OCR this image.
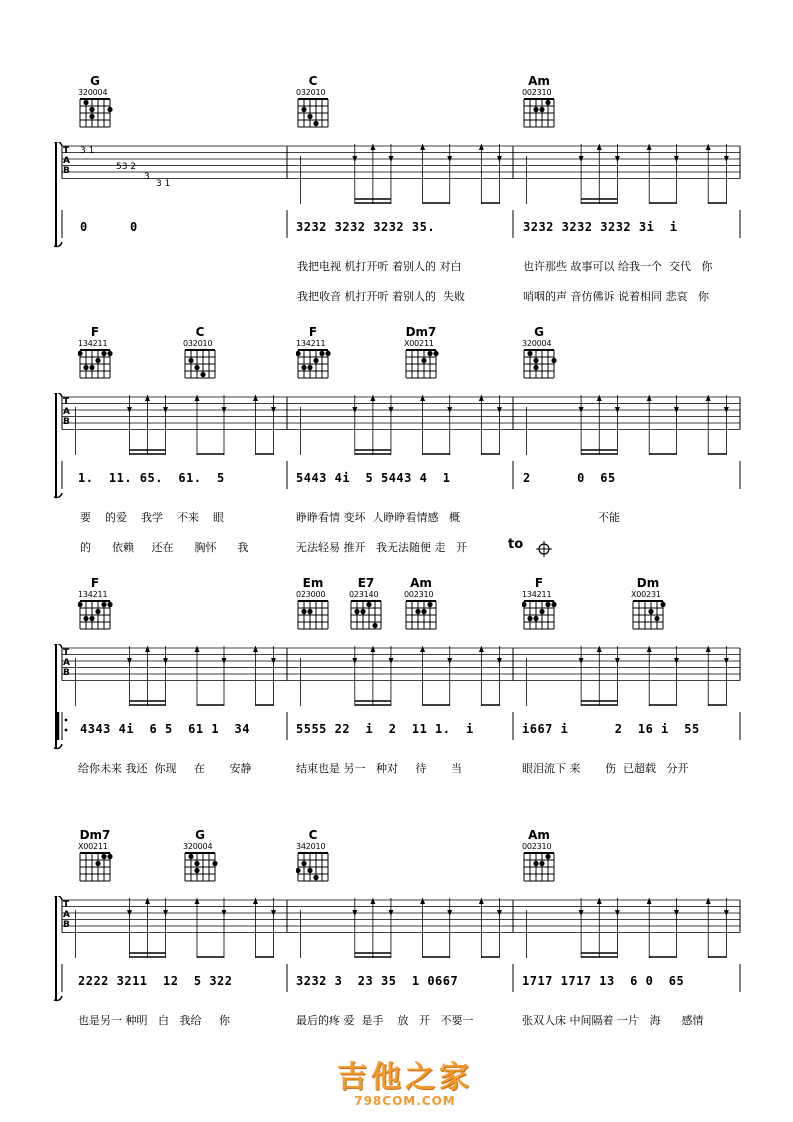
G
320004
C
032010
Am
002310
F
134211
C
032010
F
134211
Dm7
X00211
G
320004
F
134211
Em
023000
E7
023140
Am
002310
F
134211
Dm
X00231
Dm7
X00211
G
320004
C
342010
Am
002310
T
A
B
0	0	3232 3232 3232 35.	3232 3232 3232 3i  i
我把电视 机打开听 着别人的 对白	也许那些 故事可以 给我一个  交代   你
我把收音 机打开听 着别人的  失败	哨咽的声 音仿佛诉 说着相同 悲哀   你
T
A
B
1.  11. 65.  61.  5	5443 4i  5 5443 4  1	2      0  65
要    的爱    我学    不来    眼	睁睁看情 变坏  人睁睁看情感   概	不能
的      依赖     还在      胸怀      我	无法轻易 推开   我无法随便 走   开	to
T
A
B
4343 4i  6 5  61 1  34	5555 22  i  2  11 1.  i	i667 i      2  16 i  55
给你未来 我还  你现     在       安静	结束也是 另一   种对     待       当	眼泪流下 来       伤  已超载   分开
T
A
B
2222 3211  12  5 322	3232 3  23 35  1 0667	1717 1717 13  6 0  65
也是另一 种明   白   我给     你	最后的疼 爱  是手    放   开   不要一	张双人床 中间隔着 一片   海      感情
3 1
53 2
3
3 1
吉他之家
798COM.COM
